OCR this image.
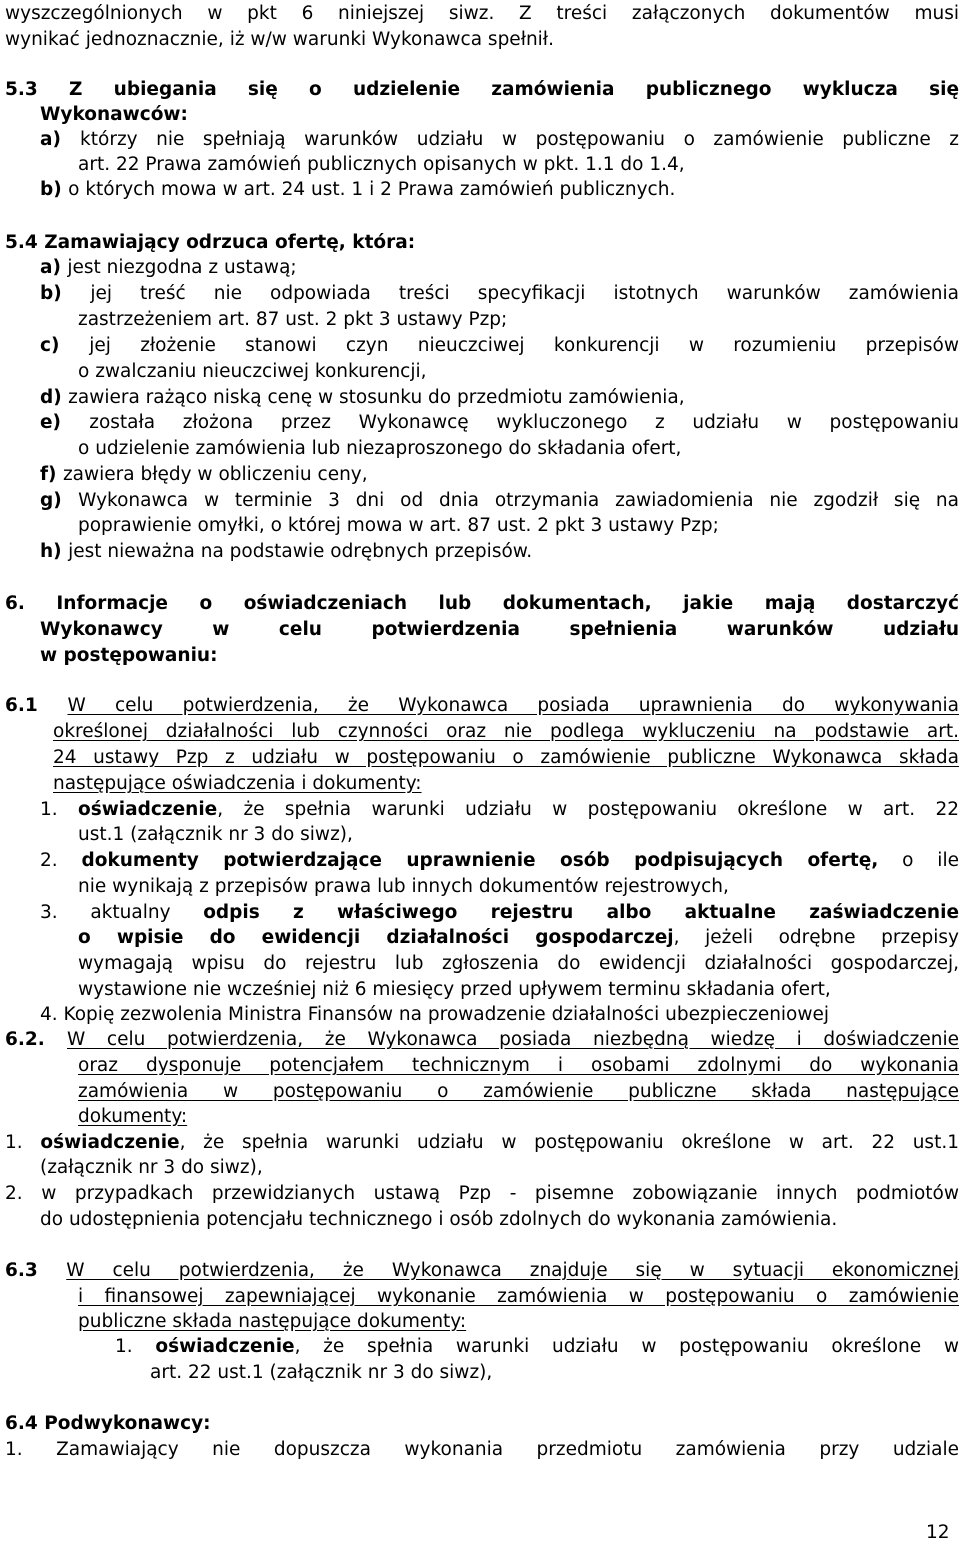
wyszczególnionych w pkt 6 niniejszej siwz. Z treści załączonych dokumentów musi
wynikać jednoznacznie, iż w/w warunki Wykonawca spełnił.
5.3 Z ubiegania się o udzielenie zamówienia publicznego wyklucza się
Wykonawców:
a) którzy nie spełniają warunków udziału w postępowaniu o zamówienie publiczne z
art. 22 Prawa zamówień publicznych opisanych w pkt. 1.1 do 1.4,
b) o których mowa w art. 24 ust. 1 i 2 Prawa zamówień publicznych.
5.4 Zamawiający odrzuca ofertę, która:
a) jest niezgodna z ustawą;
b) jej treść nie odpowiada treści specyfikacji istotnych warunków zamówienia
zastrzeżeniem art. 87 ust. 2 pkt 3 ustawy Pzp;
c) jej złożenie stanowi czyn nieuczciwej konkurencji w rozumieniu przepisów
o zwalczaniu nieuczciwej konkurencji,
d) zawiera rażąco niską cenę w stosunku do przedmiotu zamówienia,
e) została złożona przez Wykonawcę wykluczonego z udziału w postępowaniu
o udzielenie zamówienia lub niezaproszonego do składania ofert,
f) zawiera błędy w obliczeniu ceny,
g) Wykonawca w terminie 3 dni od dnia otrzymania zawiadomienia nie zgodził się na
poprawienie omyłki, o której mowa w art. 87 ust. 2 pkt 3 ustawy Pzp;
h) jest nieważna na podstawie odrębnych przepisów.
6. Informacje o oświadczeniach lub dokumentach, jakie mają dostarczyć
Wykonawcy w celu potwierdzenia spełnienia warunków udziału
w postępowaniu:
6.1 W celu potwierdzenia, że Wykonawca posiada uprawnienia do wykonywania
określonej działalności lub czynności oraz nie podlega wykluczeniu na podstawie art.
24 ustawy Pzp z udziału w postępowaniu o zamówienie publiczne Wykonawca składa
następujące oświadczenia i dokumenty:
1. oświadczenie, że spełnia warunki udziału w postępowaniu określone w art. 22
ust.1 (załącznik nr 3 do siwz),
2. dokumenty potwierdzające uprawnienie osób podpisujących ofertę, o ile
nie wynikają z przepisów prawa lub innych dokumentów rejestrowych,
3. aktualny odpis z właściwego rejestru albo aktualne zaświadczenie
o wpisie do ewidencji działalności gospodarczej, jeżeli odrębne przepisy
wymagają wpisu do rejestru lub zgłoszenia do ewidencji działalności gospodarczej,
wystawione nie wcześniej niż 6 miesięcy przed upływem terminu składania ofert,
4. Kopię zezwolenia Ministra Finansów na prowadzenie działalności ubezpieczeniowej
6.2. W celu potwierdzenia, że Wykonawca posiada niezbędną wiedzę i doświadczenie
oraz dysponuje potencjałem technicznym i osobami zdolnymi do wykonania
zamówienia w postępowaniu o zamówienie publiczne składa następujące
dokumenty:
1. oświadczenie, że spełnia warunki udziału w postępowaniu określone w art. 22 ust.1
(załącznik nr 3 do siwz),
2. w przypadkach przewidzianych ustawą Pzp - pisemne zobowiązanie innych podmiotów
do udostępnienia potencjału technicznego i osób zdolnych do wykonania zamówienia.
6.3 W celu potwierdzenia, że Wykonawca znajduje się w sytuacji ekonomicznej
i finansowej zapewniającej wykonanie zamówienia w postępowaniu o zamówienie
publiczne składa następujące dokumenty:
1. oświadczenie, że spełnia warunki udziału w postępowaniu określone w
art. 22 ust.1 (załącznik nr 3 do siwz),
6.4 Podwykonawcy:
1. Zamawiający nie dopuszcza wykonania przedmiotu zamówienia przy udziale
12
